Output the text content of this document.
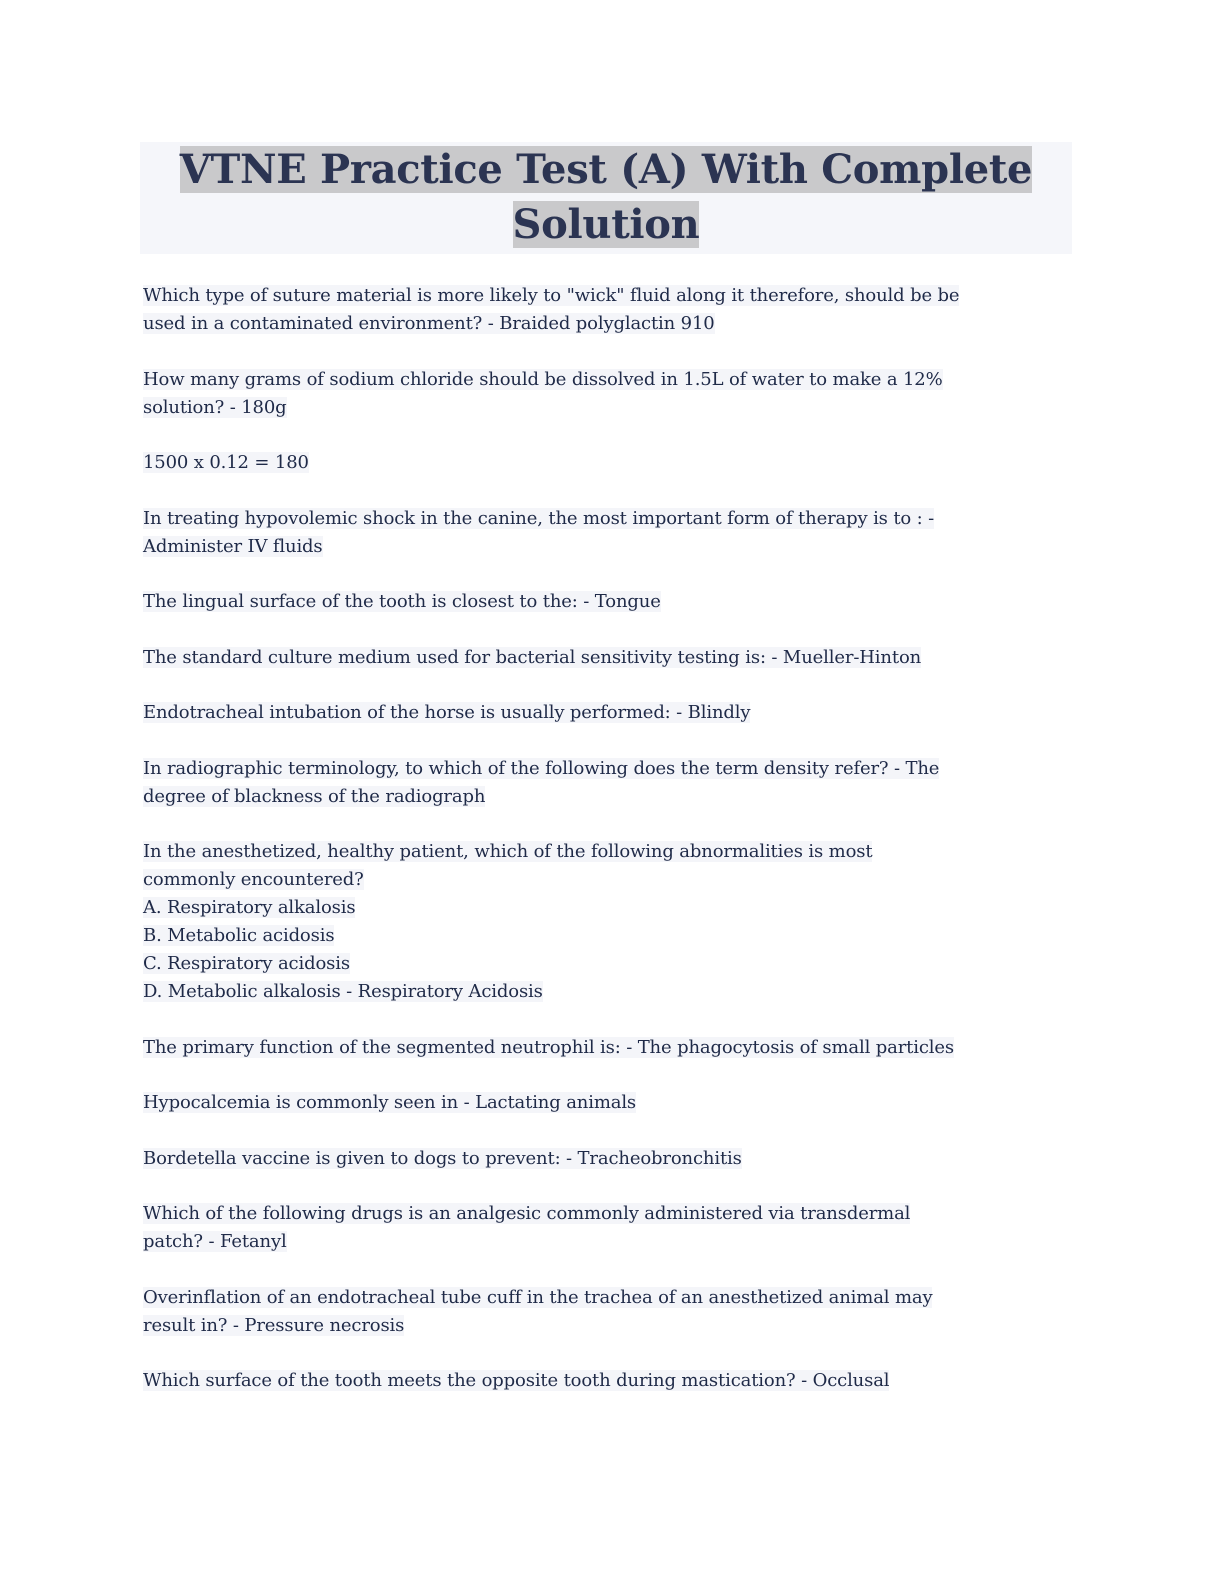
VTNE Practice Test (A) With Complete
Solution
Which type of suture material is more likely to "wick" fluid along it therefore, should be be
used in a contaminated environment? - Braided polyglactin 910
How many grams of sodium chloride should be dissolved in 1.5L of water to make a 12%
solution? - 180g
1500 x 0.12 = 180
In treating hypovolemic shock in the canine, the most important form of therapy is to : -
Administer IV fluids
The lingual surface of the tooth is closest to the: - Tongue
The standard culture medium used for bacterial sensitivity testing is: - Mueller-Hinton
Endotracheal intubation of the horse is usually performed: - Blindly
In radiographic terminology, to which of the following does the term density refer? - The
degree of blackness of the radiograph
In the anesthetized, healthy patient, which of the following abnormalities is most
commonly encountered?
A. Respiratory alkalosis
B. Metabolic acidosis
C. Respiratory acidosis
D. Metabolic alkalosis - Respiratory Acidosis
The primary function of the segmented neutrophil is: - The phagocytosis of small particles
Hypocalcemia is commonly seen in - Lactating animals
Bordetella vaccine is given to dogs to prevent: - Tracheobronchitis
Which of the following drugs is an analgesic commonly administered via transdermal
patch? - Fetanyl
Overinflation of an endotracheal tube cuff in the trachea of an anesthetized animal may
result in? - Pressure necrosis
Which surface of the tooth meets the opposite tooth during mastication? - Occlusal
